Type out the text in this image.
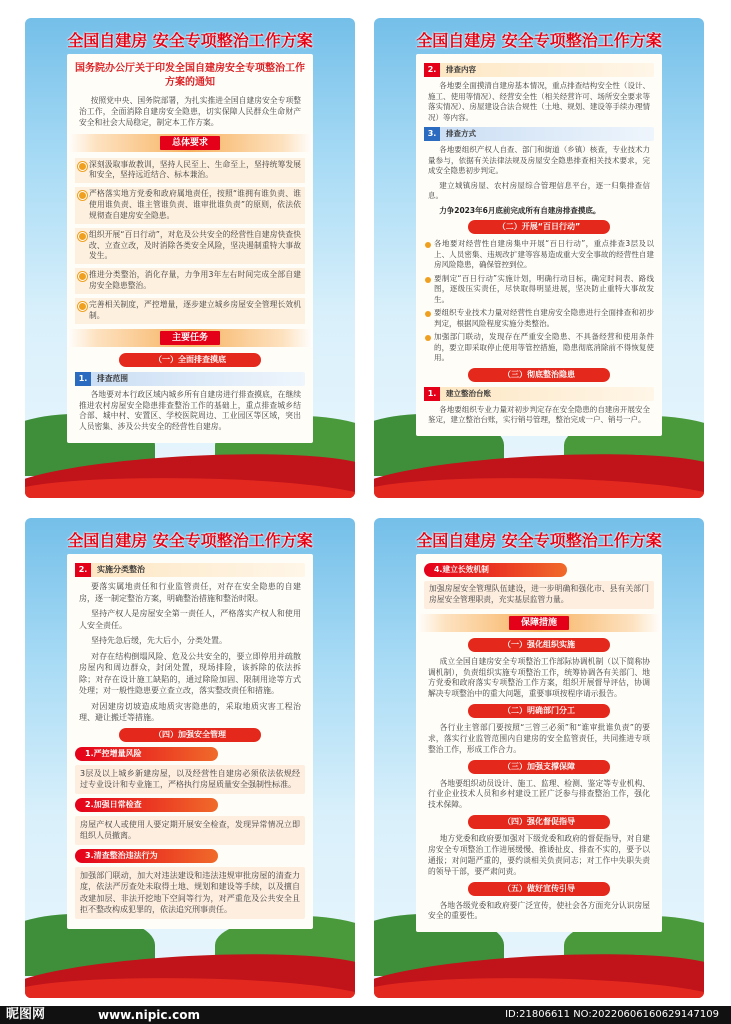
全国自建房 安全专项整治工作方案
国务院办公厅关于印发全国自建房安全专项整治工作方案的通知
按照党中央、国务院部署，为扎实推进全国自建房安全专项整治工作，全面消除自建房安全隐患，切实保障人民群众生命财产安全和社会大局稳定，制定本工作方案。
总体要求
深刻汲取事故教训，坚持人民至上、生命至上，坚持统筹发展和安全，坚持远近结合、标本兼治。
严格落实地方党委和政府属地责任，按照“谁拥有谁负责、谁使用谁负责、谁主管谁负责、谁审批谁负责”的原则，依法依规彻查自建房安全隐患。
组织开展“百日行动”，对危及公共安全的经营性自建房快查快改、立查立改，及时消除各类安全风险，坚决遏制重特大事故发生。
推进分类整治，消化存量，力争用3年左右时间完成全部自建房安全隐患整治。
完善相关制度，严控增量，逐步建立城乡房屋安全管理长效机制。
主要任务
（一）全面排查摸底
1.	排查范围
各地要对本行政区域内城乡所有自建房进行排查摸底，在继续推进农村房屋安全隐患排查整治工作的基础上，重点排查城乡结合部、城中村、安置区、学校医院周边、工业园区等区域，突出人员密集、涉及公共安全的经营性自建房。
全国自建房 安全专项整治工作方案
2.	排查内容
各地要全面摸清自建房基本情况，重点排查结构安全性（设计、施工、使用等情况）、经营安全性（相关经营许可、场所安全要求等落实情况）、房屋建设合法合规性（土地、规划、建设等手续办理情况）等内容。
3.	排查方式
各地要组织产权人自查、部门和街道（乡镇）核查，专业技术力量参与，依据有关法律法规及房屋安全隐患排查相关技术要求，完成安全隐患初步判定。
建立城镇房屋、农村房屋综合管理信息平台，逐一归集排查信息。
力争2023年6月底前完成所有自建房排查摸底。
（二）开展“百日行动”
各地要对经营性自建房集中开展“百日行动”，重点排查3层及以上、人员密集、违规改扩建等容易造成重大安全事故的经营性自建房风险隐患，确保管控到位。
要制定“百日行动”实施计划，明确行动目标，确定时间表、路线图，逐级压实责任，尽快取得明显进展，坚决防止重特大事故发生。
要组织专业技术力量对经营性自建房安全隐患进行全面排查和初步判定，根据风险程度实施分类整治。
加强部门联动，发现存在严重安全隐患、不具备经营和使用条件的，要立即采取停止使用等管控措施，隐患彻底消除前不得恢复使用。
（三）彻底整治隐患
1.	建立整治台账
各地要组织专业力量对初步判定存在安全隐患的自建房开展安全鉴定，建立整治台账，实行销号管理，整治完成一户、销号一户。
全国自建房 安全专项整治工作方案
2.	实施分类整治
要落实属地责任和行业监管责任，对存在安全隐患的自建房，逐一制定整治方案，明确整治措施和整治时限。
坚持产权人是房屋安全第一责任人，严格落实产权人和使用人安全责任。
坚持先急后缓，先大后小，分类处置。
对存在结构倒塌风险、危及公共安全的，要立即停用并疏散房屋内和周边群众，封闭处置，现场排险，该拆除的依法拆除；对存在设计施工缺陷的，通过除险加固、限制用途等方式处理；对一般性隐患要立查立改，落实整改责任和措施。
对因建房切坡造成地质灾害隐患的，采取地质灾害工程治理、避让搬迁等措施。
（四）加强安全管理
1.严控增量风险
3层及以上城乡新建房屋，以及经营性自建房必须依法依规经过专业设计和专业施工，严格执行房屋质量安全强制性标准。
2.加强日常检查
房屋产权人或使用人要定期开展安全检查，发现异常情况立即组织人员撤离。
3.清查整治违法行为
加强部门联动，加大对违法建设和违法违规审批房屋的清查力度，依法严厉查处未取得土地、规划和建设等手续，以及擅自改建加层、非法开挖地下空间等行为，对严重危及公共安全且拒不整改构成犯罪的，依法追究刑事责任。
全国自建房 安全专项整治工作方案
4.建立长效机制
加强房屋安全管理队伍建设，进一步明确和强化市、县有关部门房屋安全管理职责，充实基层监管力量。
保障措施
（一）强化组织实施
成立全国自建房安全专项整治工作部际协调机制（以下简称协调机制），负责组织实施专项整治工作，统筹协调各有关部门、地方党委和政府落实专项整治工作方案，组织开展督导评估，协调解决专项整治中的重大问题，重要事项按程序请示报告。
（二）明确部门分工
各行业主管部门要按照“三管三必须”和“谁审批谁负责”的要求，落实行业监管范围内自建房的安全监管责任，共同推进专项整治工作，形成工作合力。
（三）加强支撑保障
各地要组织动员设计、施工、监理、检测、鉴定等专业机构、行业企业技术人员和乡村建设工匠广泛参与排查整治工作，强化技术保障。
（四）强化督促指导
地方党委和政府要加强对下级党委和政府的督促指导，对自建房安全专项整治工作进展缓慢、推诿扯皮、排查不实的，要予以通报；对问题严重的，要约谈相关负责同志；对工作中失职失责的领导干部，要严肃问责。
（五）做好宣传引导
各地各级党委和政府要广泛宣传，使社会各方面充分认识房屋安全的重要性。
昵图网	www.nipic.com	ID:21806611 NO:20220606160629147109
